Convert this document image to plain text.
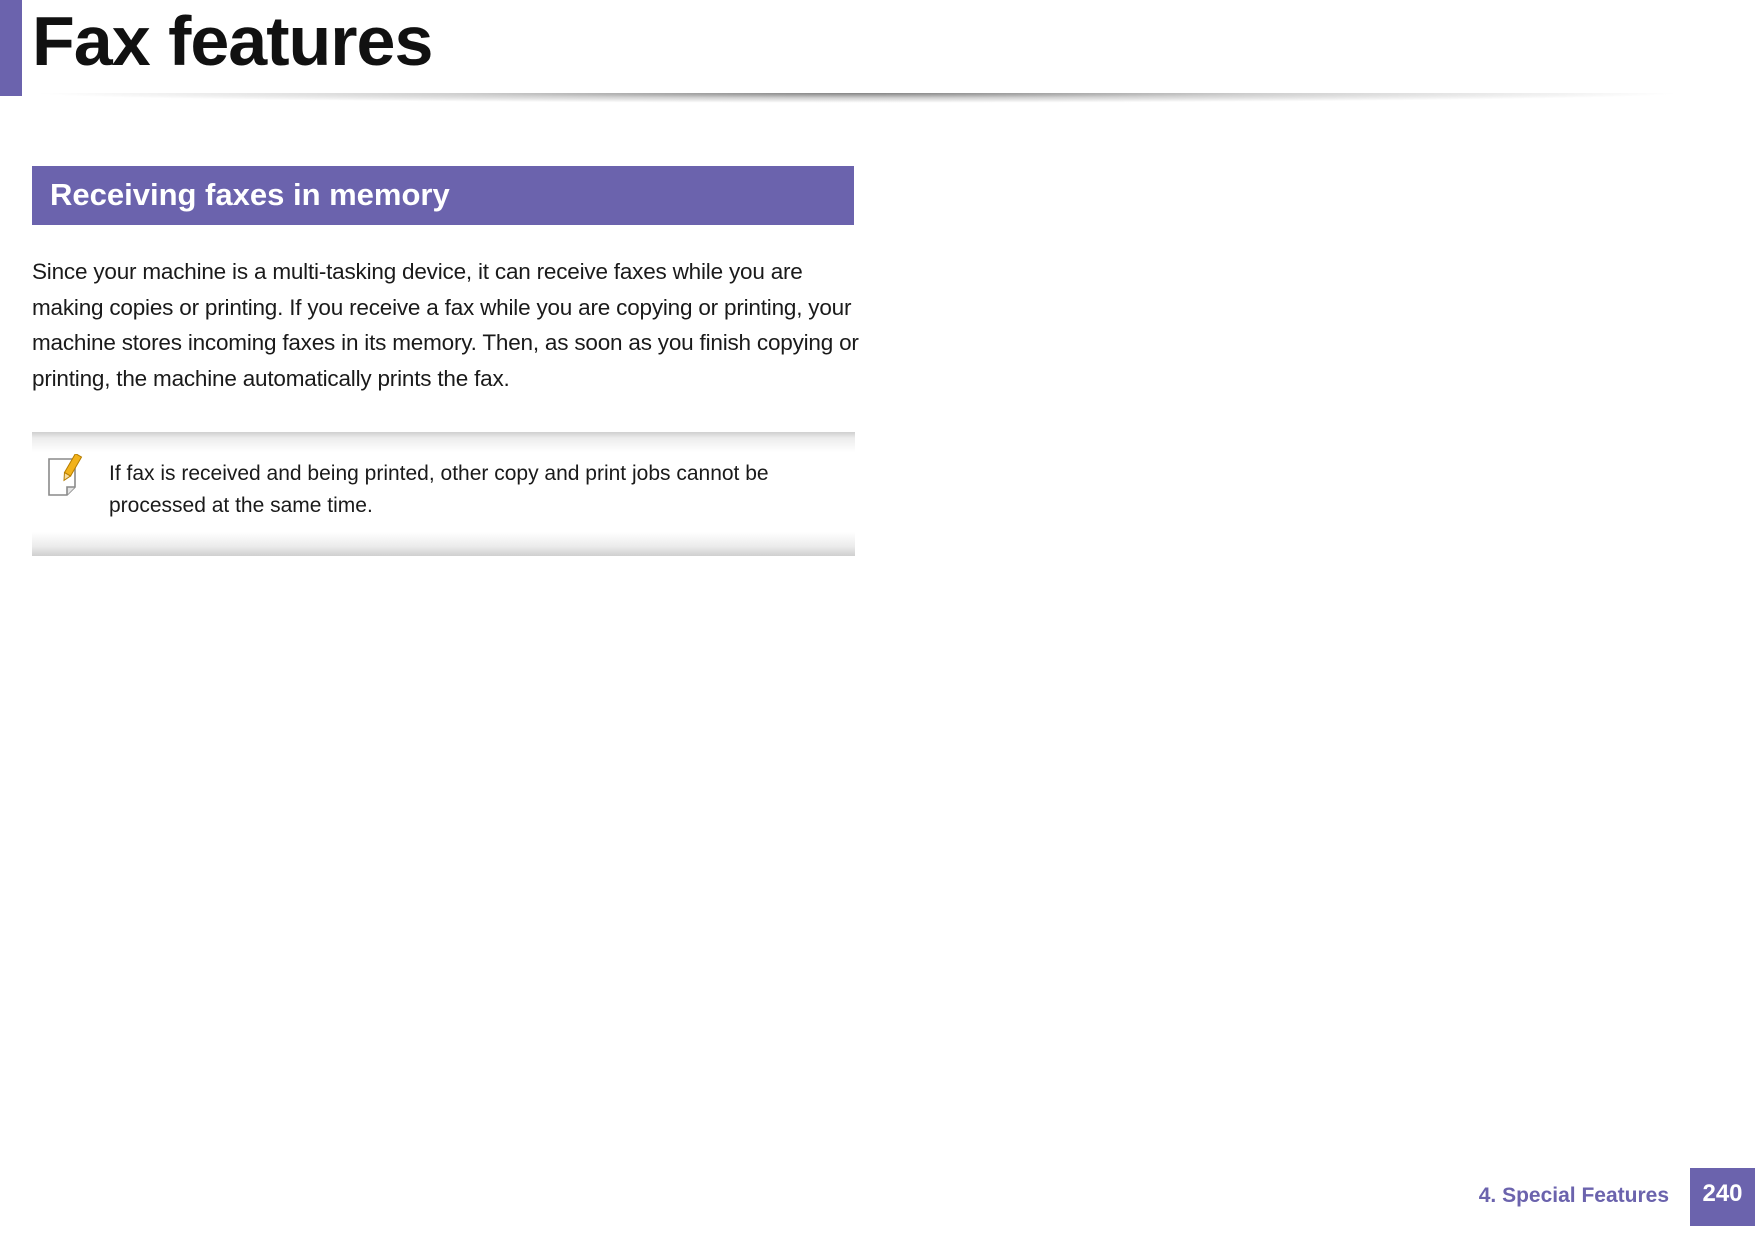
Fax features
Receiving faxes in memory

Since your machine is a multi-tasking device, it can receive faxes while you are making copies or printing. If you receive a fax while you are copying or printing, your machine stores incoming faxes in its memory. Then, as soon as you finish copying or printing, the machine automatically prints the fax.

If fax is received and being printed, other copy and print jobs cannot be processed at the same time.

4. Special Features 240
